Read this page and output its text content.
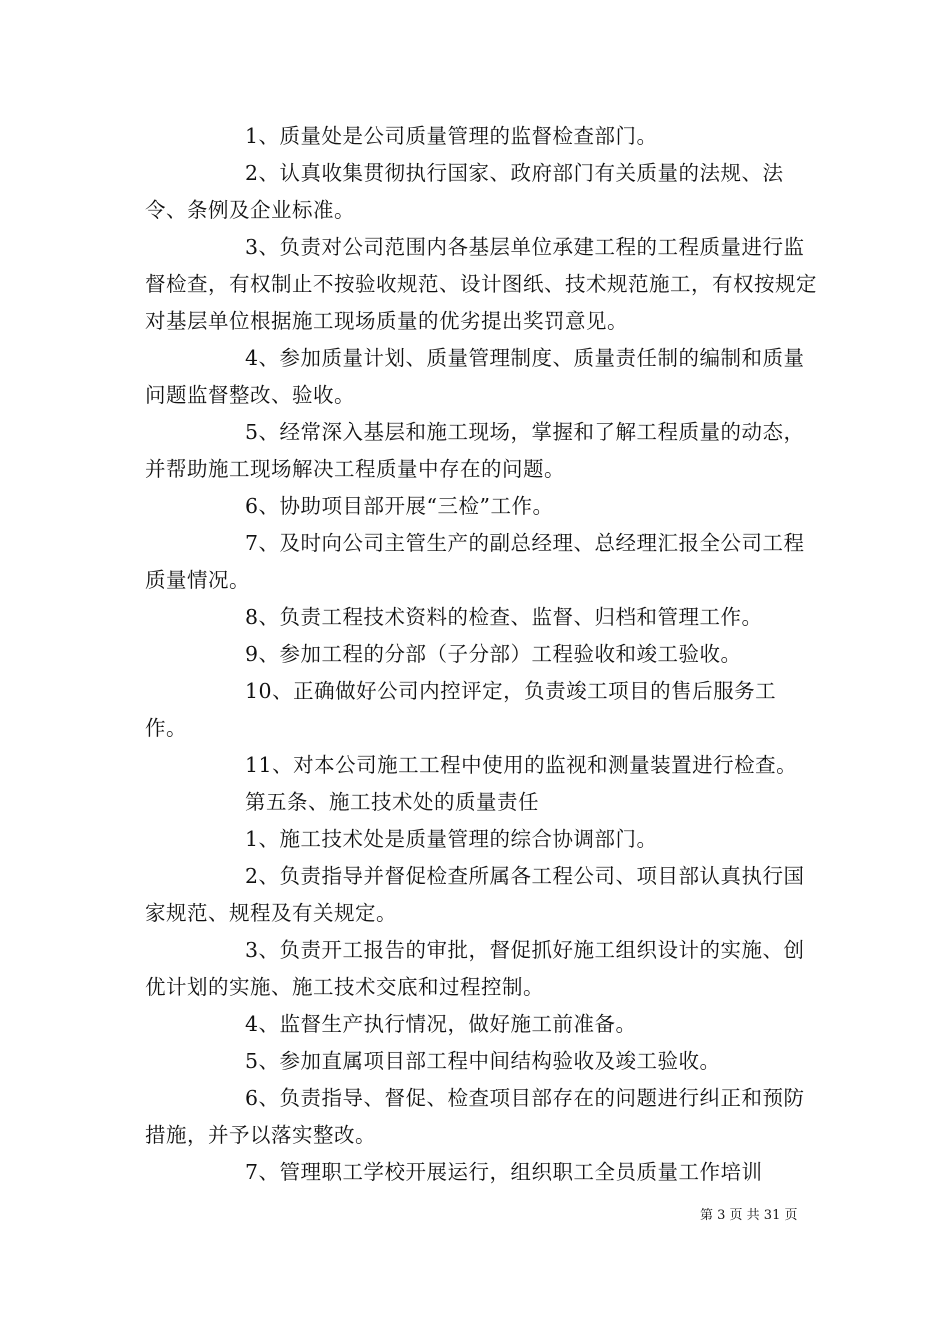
1、质量处是公司质量管理的监督检查部门。

2、认真收集贯彻执行国家、政府部门有关质量的法规、法令、条例及企业标准。

3、负责对公司范围内各基层单位承建工程的工程质量进行监督检查，有权制止不按验收规范、设计图纸、技术规范施工，有权按规定对基层单位根据施工现场质量的优劣提出奖罚意见。

4、参加质量计划、质量管理制度、质量责任制的编制和质量问题监督整改、验收。

5、经常深入基层和施工现场，掌握和了解工程质量的动态，并帮助施工现场解决工程质量中存在的问题。

6、协助项目部开展“三检”工作。

7、及时向公司主管生产的副总经理、总经理汇报全公司工程质量情况。

8、负责工程技术资料的检查、监督、归档和管理工作。

9、参加工程的分部（子分部）工程验收和竣工验收。

10、正确做好公司内控评定，负责竣工项目的售后服务工作。

11、对本公司施工工程中使用的监视和测量装置进行检查。

第五条、施工技术处的质量责任

1、施工技术处是质量管理的综合协调部门。

2、负责指导并督促检查所属各工程公司、项目部认真执行国家规范、规程及有关规定。

3、负责开工报告的审批，督促抓好施工组织设计的实施、创优计划的实施、施工技术交底和过程控制。

4、监督生产执行情况，做好施工前准备。

5、参加直属项目部工程中间结构验收及竣工验收。

6、负责指导、督促、检查项目部存在的问题进行纠正和预防措施，并予以落实整改。

7、管理职工学校开展运行，组织职工全员质量工作培训

第 3 页 共 31 页
